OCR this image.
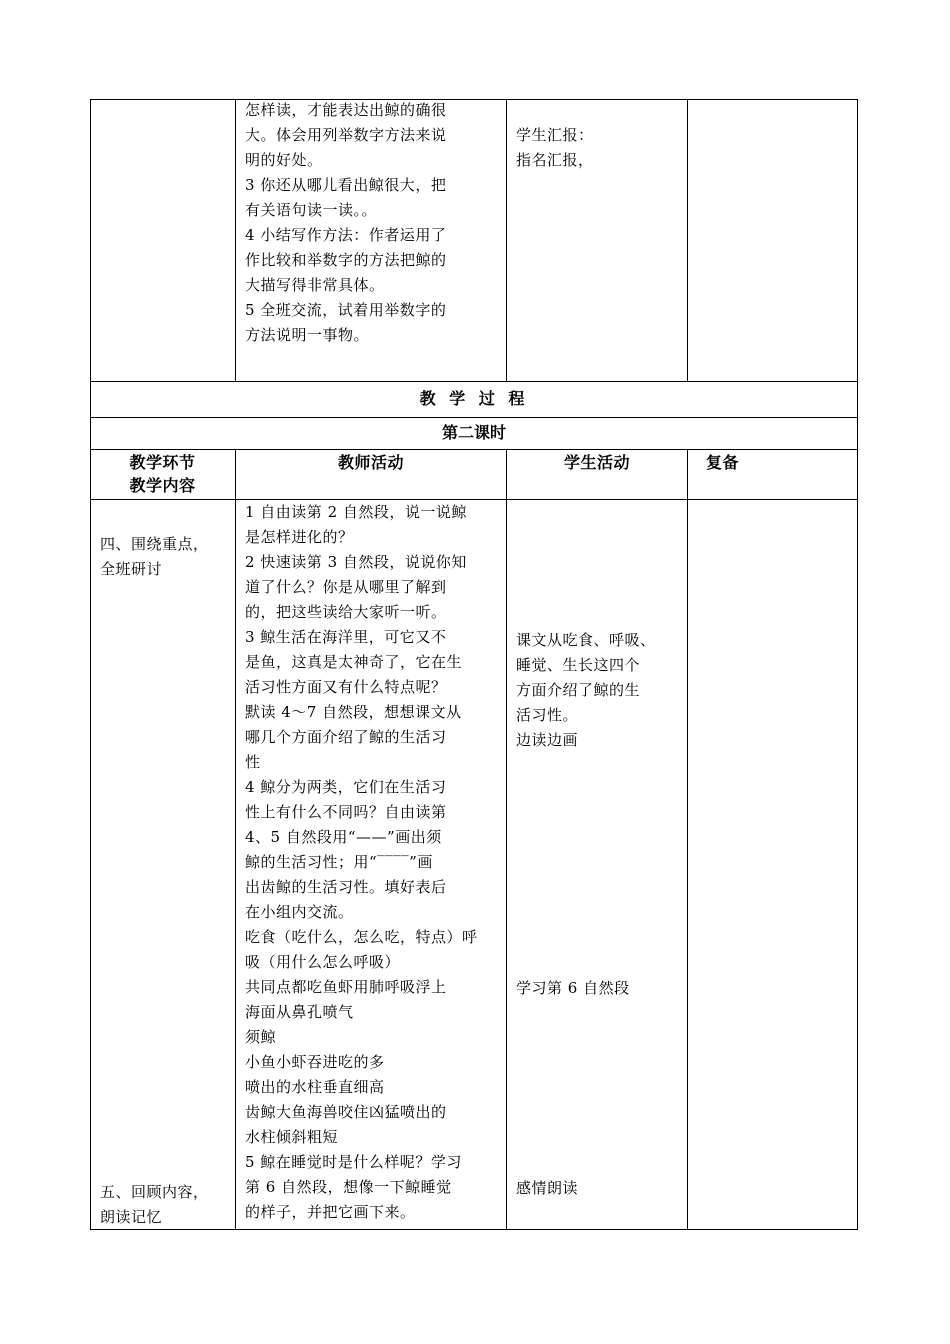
怎样读，才能表达出鲸的确很
大。体会用列举数字方法来说
明的好处。
3 你还从哪儿看出鲸很大，把
有关语句读一读。。
4 小结写作方法：作者运用了
作比较和举数字的方法把鲸的
大描写得非常具体。
5 全班交流，试着用举数字的
方法说明一事物。
学生汇报：
指名汇报，
教 学 过 程
第二课时
教学环节
教学内容
教师活动	学生活动	复备
四、围绕重点，
全班研讨
五、回顾内容，
朗读记忆
1 自由读第 2 自然段，说一说鲸
是怎样进化的？
2 快速读第 3 自然段，说说你知
道了什么？你是从哪里了解到
的，把这些读给大家听一听。
3 鲸生活在海洋里，可它又不
是鱼，这真是太神奇了，它在生
活习性方面又有什么特点呢？
默读 4～7 自然段，想想课文从
哪几个方面介绍了鲸的生活习
性
4 鲸分为两类，它们在生活习
性上有什么不同吗？自由读第
4、5 自然段用“——”画出须
鲸的生活习性；用“‾‾‾‾”画
出齿鲸的生活习性。填好表后
在小组内交流。
吃食（吃什么，怎么吃，特点）呼
吸（用什么怎么呼吸）
共同点都吃鱼虾用肺呼吸浮上
海面从鼻孔喷气
须鲸
小鱼小虾吞进吃的多
喷出的水柱垂直细高
齿鲸大鱼海兽咬住凶猛喷出的
水柱倾斜粗短
5 鲸在睡觉时是什么样呢？学习
第 6 自然段，想像一下鲸睡觉
的样子，并把它画下来。
课文从吃食、呼吸、
睡觉、生长这四个
方面介绍了鲸的生
活习性。
边读边画
学习第 6 自然段
感情朗读
